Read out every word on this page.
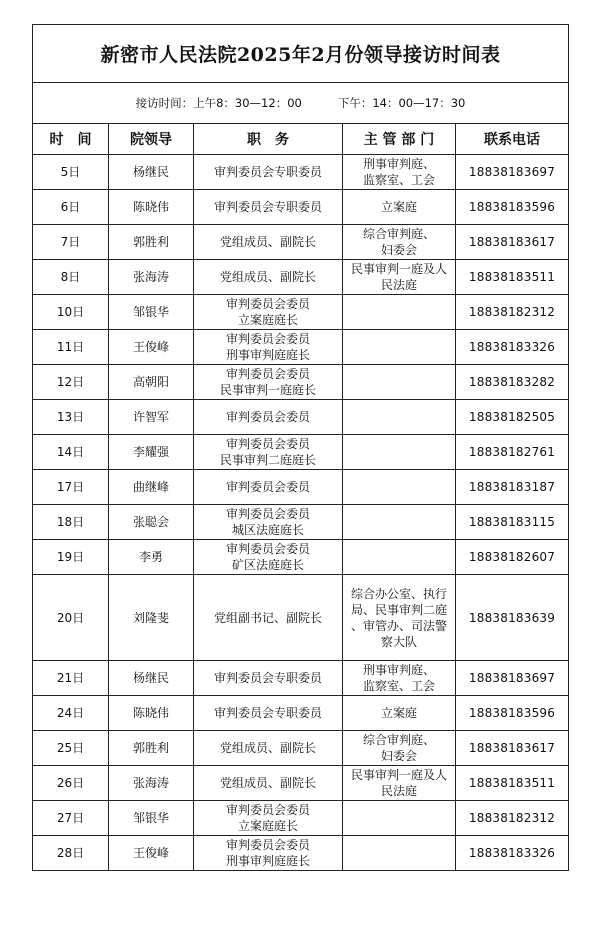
新密市人民法院2025年2月份领导接访时间表				
接访时间：上午8：30—12：00 下午：14：00—17：30				
时　间	院领导	职　务	主 管 部 门	联系电话
5日	杨继民	审判委员会专职委员	刑事审判庭、
监察室、工会	18838183697
6日	陈晓伟	审判委员会专职委员	立案庭	18838183596
7日	郭胜利	党组成员、副院长	综合审判庭、
妇委会	18838183617
8日	张海涛	党组成员、副院长	民事审判一庭及人
民法庭	18838183511
10日	邹银华	审判委员会委员
立案庭庭长		18838182312
11日	王俊峰	审判委员会委员
刑事审判庭庭长		18838183326
12日	高朝阳	审判委员会委员
民事审判一庭庭长		18838183282
13日	许智军	审判委员会委员		18838182505
14日	李耀强	审判委员会委员
民事审判二庭庭长		18838182761
17日	曲继峰	审判委员会委员		18838183187
18日	张聪会	审判委员会委员
城区法庭庭长		18838183115
19日	李勇	审判委员会委员
矿区法庭庭长		18838182607
20日	刘隆斐	党组副书记、副院长	综合办公室、执行
局、民事审判二庭
、审管办、司法警
察大队	18838183639
21日	杨继民	审判委员会专职委员	刑事审判庭、
监察室、工会	18838183697
24日	陈晓伟	审判委员会专职委员	立案庭	18838183596
25日	郭胜利	党组成员、副院长	综合审判庭、
妇委会	18838183617
26日	张海涛	党组成员、副院长	民事审判一庭及人
民法庭	18838183511
27日	邹银华	审判委员会委员
立案庭庭长		18838182312
28日	王俊峰	审判委员会委员
刑事审判庭庭长		18838183326
